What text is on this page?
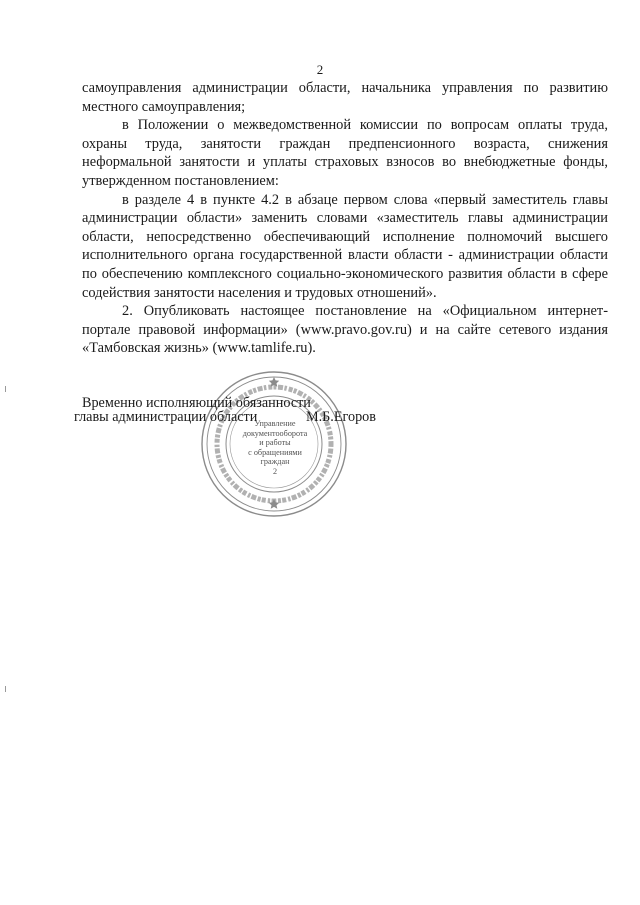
2

самоуправления администрации области, начальника управления по развитию местного самоуправления;

в Положении о межведомственной комиссии по вопросам оплаты труда, охраны труда, занятости граждан предпенсионного возраста, снижения неформальной занятости и уплаты страховых взносов во внебюджетные фонды, утвержденном постановлением:

в разделе 4 в пункте 4.2 в абзаце первом слова «первый заместитель главы администрации области» заменить словами «заместитель главы администрации области, непосредственно обеспечивающий исполнение полномочий высшего исполнительного органа государственной власти области - администрации области по обеспечению комплексного социально-экономического развития области в сфере содействия занятости населения и трудовых отношений».

2. Опубликовать настоящее постановление на «Официальном интернет-портале правовой информации» (www.pravo.gov.ru) и на сайте сетевого издания «Тамбовская жизнь» (www.tamlife.ru).

Управление
документооборота
и работы
с обращениями
граждан
2
Временно исполняющий обязанности
главы администрации области	М.Б.Егоров
